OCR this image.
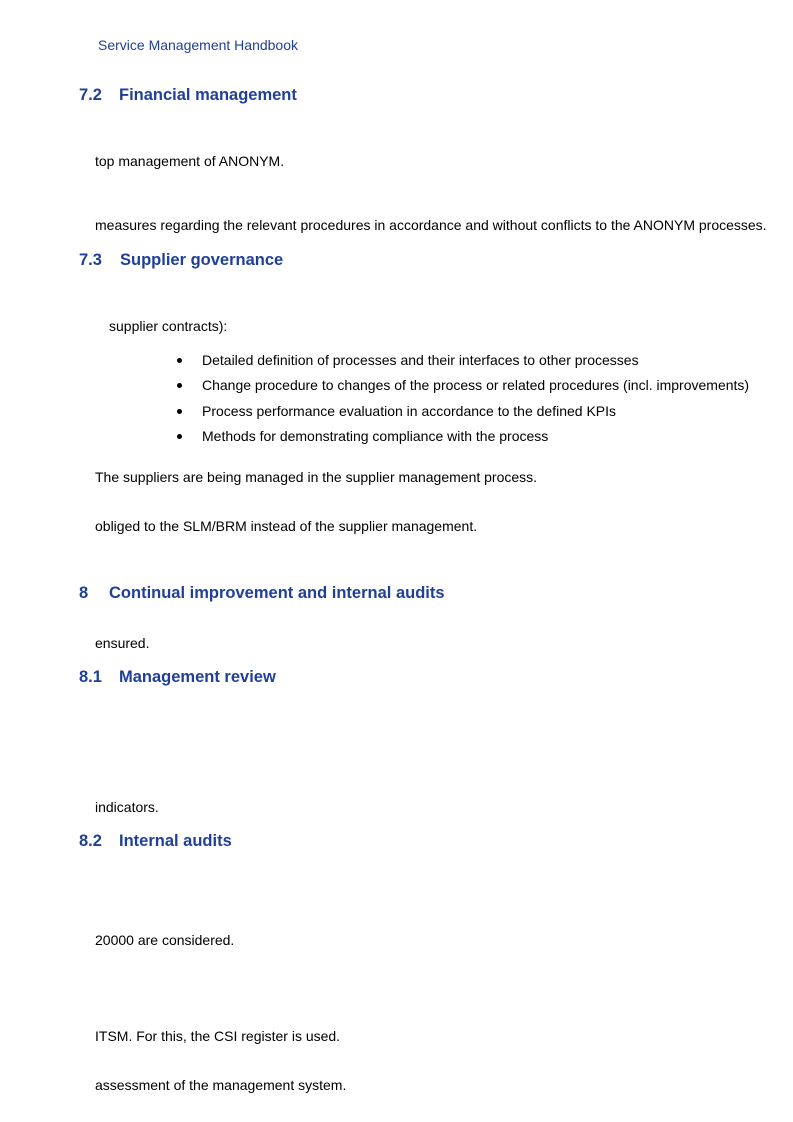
Service Management Handbook
7.2 Financial management
top management of ANONYM.
measures regarding the relevant procedures in accordance and without conflicts to the ANONYM processes.
7.3 Supplier governance
supplier contracts):
Detailed definition of processes and their interfaces to other processes
Change procedure to changes of the process or related procedures (incl. improvements)
Process performance evaluation in accordance to the defined KPIs
Methods for demonstrating compliance with the process
The suppliers are being managed in the supplier management process.
obliged to the SLM/BRM instead of the supplier management.
8 Continual improvement and internal audits
ensured.
8.1 Management review
indicators.
8.2 Internal audits
20000 are considered.
ITSM. For this, the CSI register is used.
assessment of the management system.
